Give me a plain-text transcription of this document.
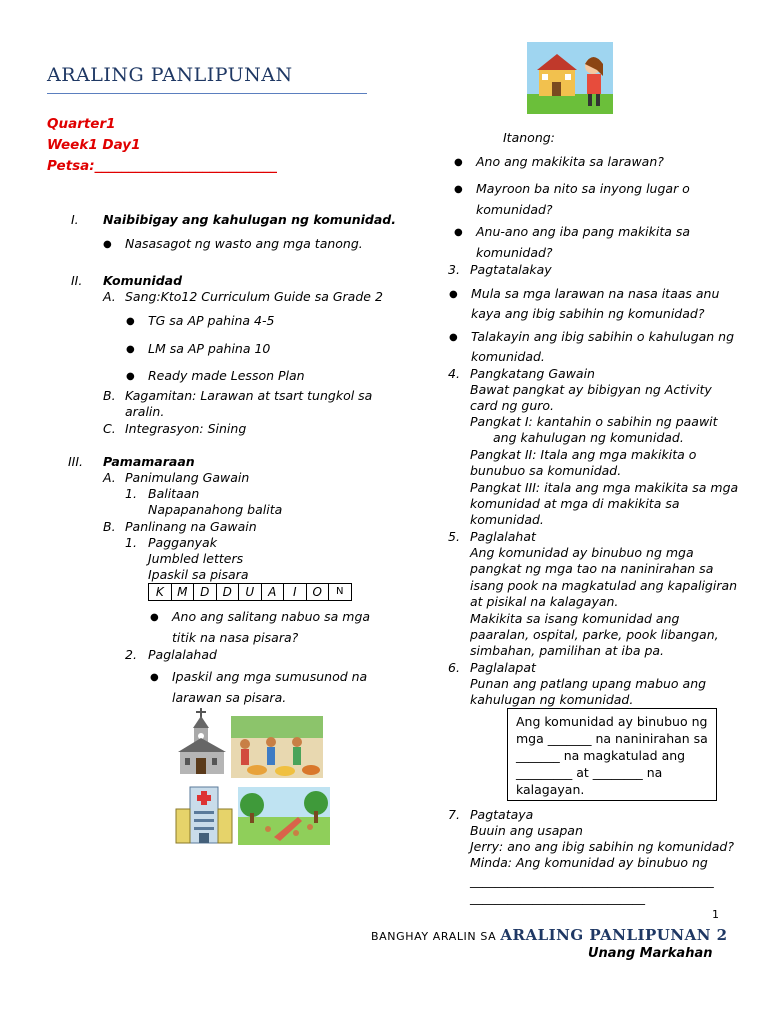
ARALING PANLIPUNAN
Quarter1
Week1 Day1
Petsa:___________________________
I. Naibibigay ang kahulugan ng komunidad.
● Nasasagot ng wasto ang mga tanong.
II. Komunidad
A. Sang:Kto12 Curriculum Guide sa Grade 2
● TG sa AP pahina 4-5
● LM sa AP pahina 10
● Ready made Lesson Plan
B. Kagamitan: Larawan at tsart tungkol sa
aralin.
C. Integrasyon: Sining
III. Pamamaraan
A. Panimulang Gawain
1. Balitaan
Napapanahong balita
B. Panlinang na Gawain
1. Pagganyak
Jumbled letters
Ipaskil sa pisara
K	M	D	D	U	A	I	O	N
● Ano ang salitang nabuo sa mga
titik na nasa pisara?
2. Paglalahad
● Ipaskil ang mga sumusunod na
larawan sa pisara.
Itanong:
● Ano ang makikita sa larawan?
● Mayroon ba nito sa inyong lugar o
komunidad?
● Anu-ano ang iba pang makikita sa
komunidad?
3. Pagtatalakay
● Mula sa mga larawan na nasa itaas anu
kaya ang ibig sabihin ng komunidad?
● Talakayin ang ibig sabihin o kahulugan ng
komunidad.
4. Pangkatang Gawain
Bawat pangkat ay bibigyan ng Activity
card ng guro.
Pangkat I: kantahin o sabihin ng paawit
ang kahulugan ng komunidad.
Pangkat II: Itala ang mga makikita o
bunubuo sa komunidad.
Pangkat III: itala ang mga makikita sa mga
komunidad at mga di makikita sa
komunidad.
5. Paglalahat
Ang komunidad ay binubuo ng mga
pangkat ng mga tao na naninirahan sa
isang pook na magkatulad ang kapaligiran
at pisikal na kalagayan.
Makikita sa isang komunidad ang
paaralan, ospital, parke, pook libangan,
simbahan, pamilihan at iba pa.
6. Paglalapat
Punan ang patlang upang mabuo ang
kahulugan ng komunidad.
Ang komunidad ay binubuo ng
mga _______ na naninirahan sa
_______ na magkatulad ang
_________ at ________ na
kalagayan.
7. Pagtataya
Buuin ang usapan
Jerry: ano ang ibig sabihin ng komunidad?
Minda: Ang komunidad ay binubuo ng
_______________________________________
____________________________
1
BANGHAY ARALIN SA ARALING PANLIPUNAN 2
Unang Markahan
